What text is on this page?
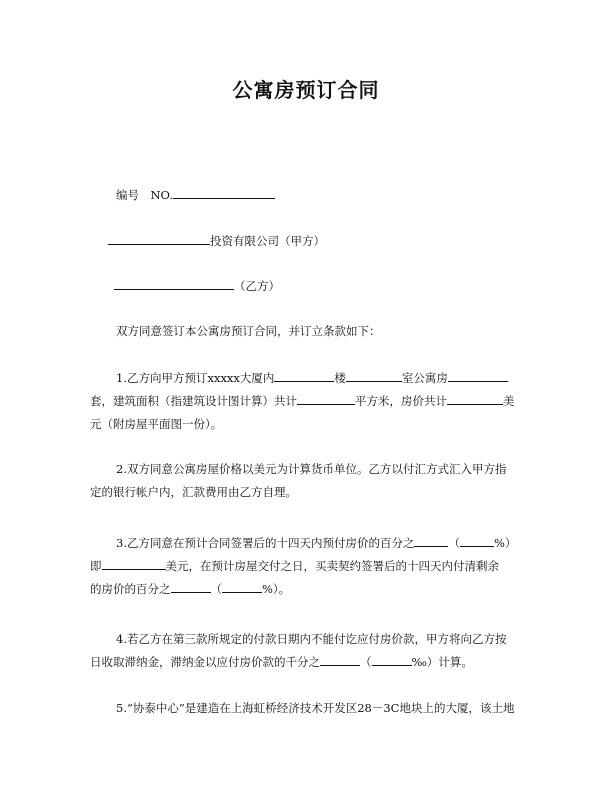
公寓房预订合同
编号　NO.
投资有限公司（甲方）
（乙方）
双方同意签订本公寓房预订合同，并订立条款如下：
1.乙方向甲方预订xxxxx大厦内	楼	室公寓房
套，建筑面积（指建筑设计图计算）共计	平方米，房价共计	美
元（附房屋平面图一份）。
2.双方同意公寓房屋价格以美元为计算货币单位。乙方以付汇方式汇入甲方指
定的银行帐户内，汇款费用由乙方自理。
3.乙方同意在预计合同签署后的十四天内预付房价的百分之	（	%）
即	美元，在预计房屋交付之日，买卖契约签署后的十四天内付清剩余
的房价的百分之	（	%）。
4.若乙方在第三款所规定的付款日期内不能付讫应付房价款，甲方将向乙方按
日收取滞纳金，滞纳金以应付房价款的千分之	（	‰）计算。
5.“协泰中心”是建造在上海虹桥经济技术开发区28－3C地块上的大厦，该土地
